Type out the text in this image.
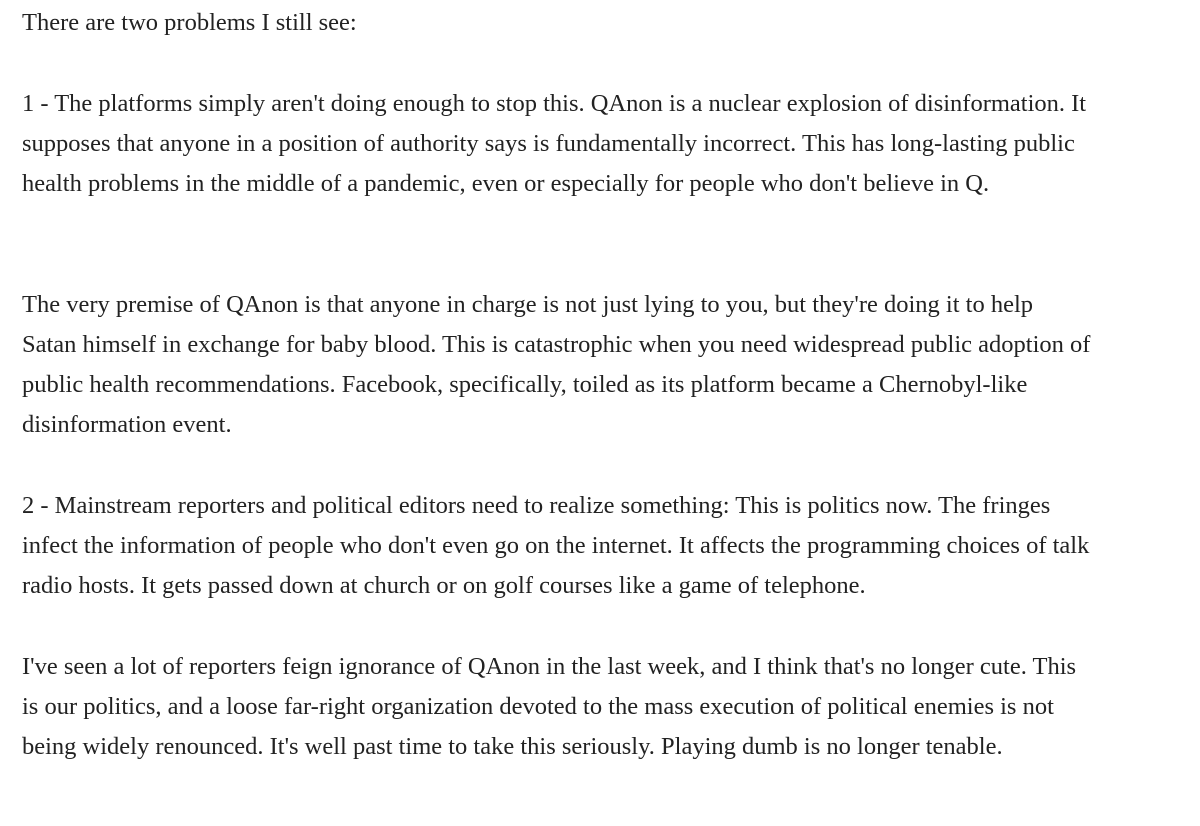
There are two problems I still see:

1 - The platforms simply aren't doing enough to stop this. QAnon is a nuclear explosion of disinformation. It supposes that anyone in a position of authority says is fundamentally incorrect. This has long-lasting public health problems in the middle of a pandemic, even or especially for people who don't believe in Q.

The very premise of QAnon is that anyone in charge is not just lying to you, but they're doing it to help Satan himself in exchange for baby blood. This is catastrophic when you need widespread public adoption of public health recommendations. Facebook, specifically, toiled as its platform became a Chernobyl-like disinformation event.

2 - Mainstream reporters and political editors need to realize something: This is politics now. The fringes infect the information of people who don't even go on the internet. It affects the programming choices of talk radio hosts. It gets passed down at church or on golf courses like a game of telephone.

I've seen a lot of reporters feign ignorance of QAnon in the last week, and I think that's no longer cute. This is our politics, and a loose far-right organization devoted to the mass execution of political enemies is not being widely renounced. It's well past time to take this seriously. Playing dumb is no longer tenable.
